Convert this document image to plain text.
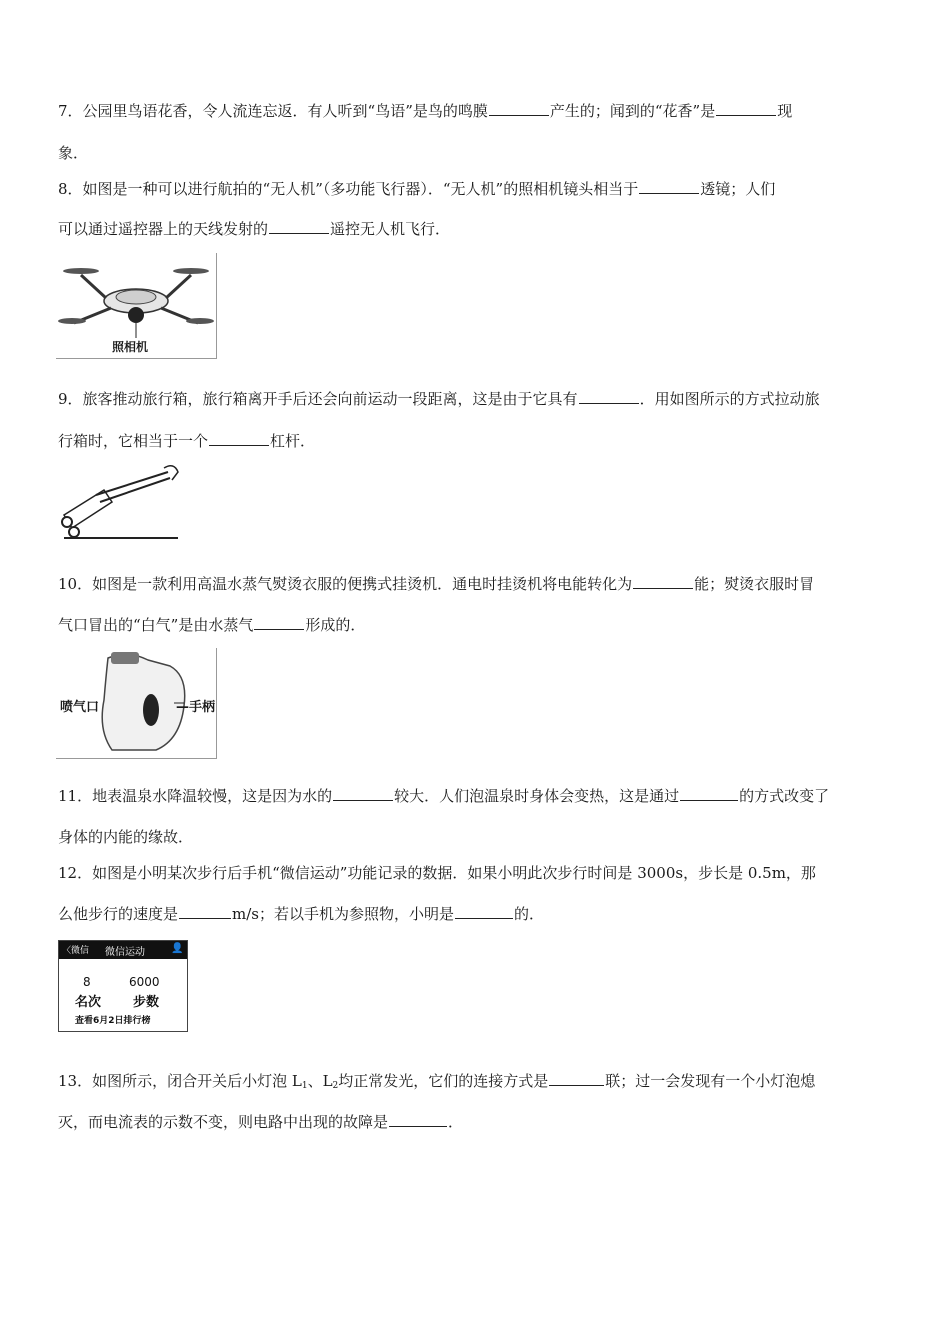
7．公园里鸟语花香，令人流连忘返．有人听到“鸟语”是鸟的鸣膜	产生的；闻到的“花香”是	现
象．
8．如图是一种可以进行航拍的“无人机”（多功能飞行器）．“无人机”的照相机镜头相当于	透镜；人们
可以通过遥控器上的天线发射的	遥控无人机飞行．
照相机
9．旅客推动旅行箱，旅行箱离开手后还会向前运动一段距离，这是由于它具有	．用如图所示的方式拉动旅
行箱时，它相当于一个	杠杆．
10．如图是一款利用高温水蒸气熨烫衣服的便携式挂烫机．通电时挂烫机将电能转化为	能；熨烫衣服时冒
气口冒出的“白气”是由水蒸气	形成的．
喷气口	—手柄
11．地表温泉水降温较慢，这是因为水的	较大．人们泡温泉时身体会变热，这是通过	的方式改变了
身体的内能的缘故．
12．如图是小明某次步行后手机“微信运动”功能记录的数据．如果小明此次步行时间是 3000s，步长是 0.5m，那
么他步行的速度是	m/s；若以手机为参照物，小明是	的．
〈微信 微信运动	👤
8
名次
6000
步数
查看6月2日排行榜
13．如图所示，闭合开关后小灯泡 $L_1$、$L_2$均正常发光，它们的连接方式是	联；过一会发现有一个小灯泡熄
灭，而电流表的示数不变，则电路中出现的故障是	．
